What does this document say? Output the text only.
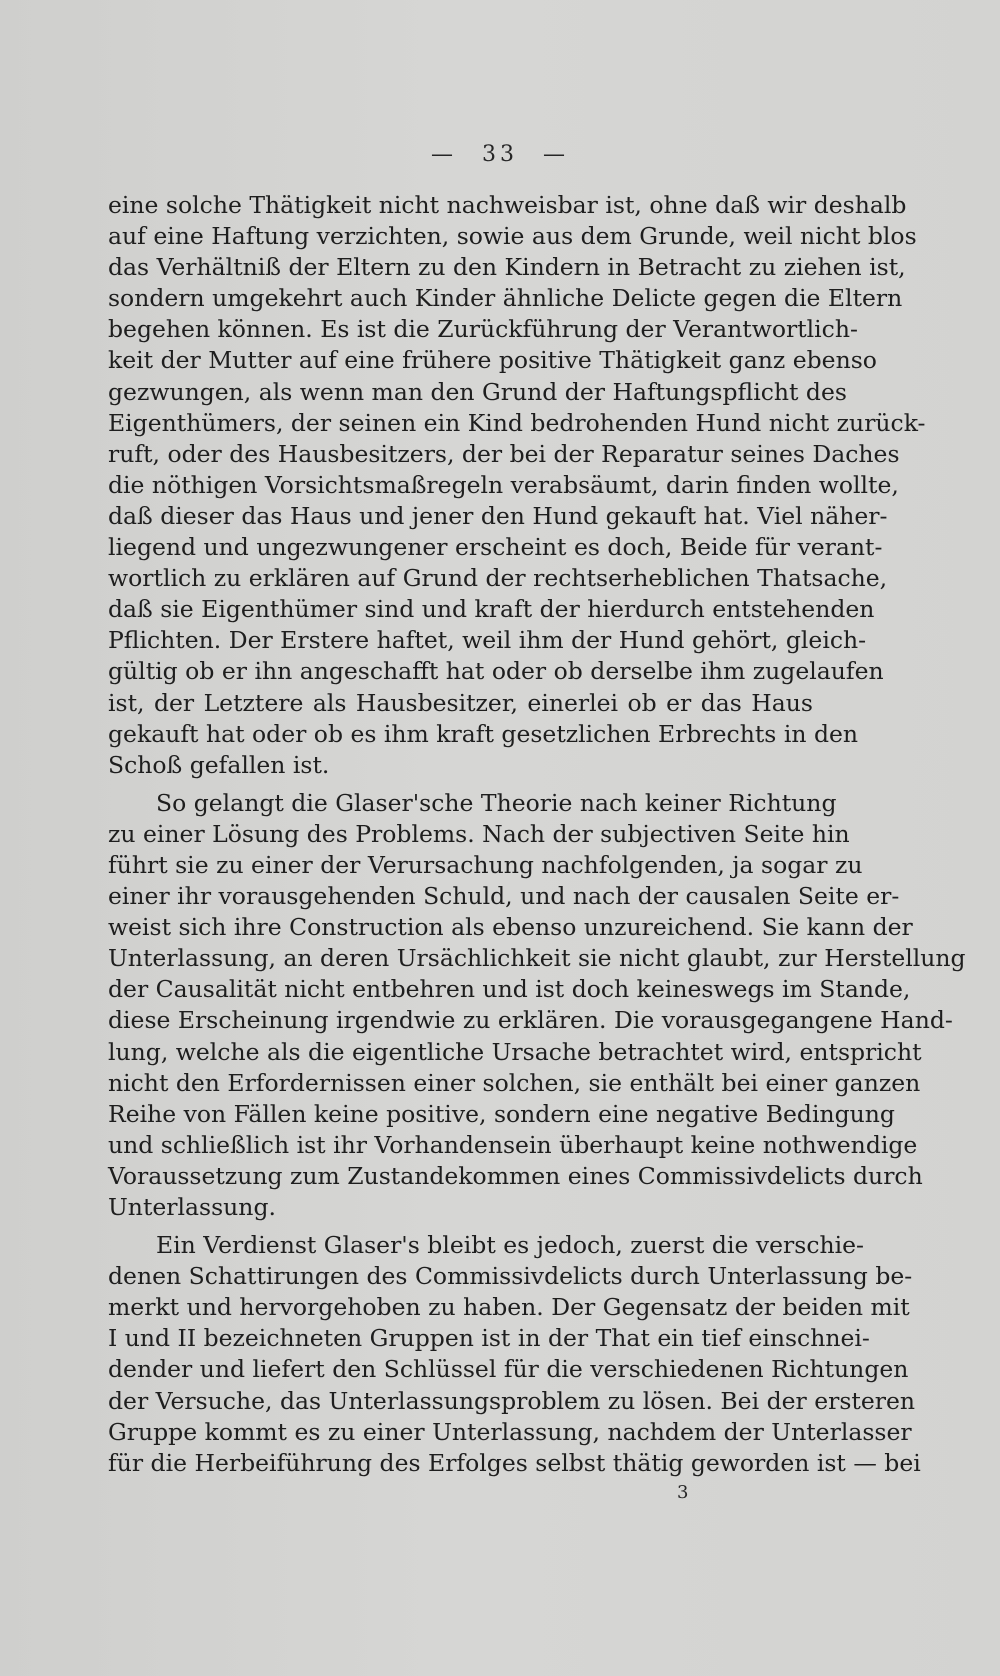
— 33 —
eine solche Thätigkeit nicht nachweisbar ist, ohne daß wir deshalb
auf eine Haftung verzichten, sowie aus dem Grunde, weil nicht blos
das Verhältniß der Eltern zu den Kindern in Betracht zu ziehen ist,
sondern umgekehrt auch Kinder ähnliche Delicte gegen die Eltern
begehen können. Es ist die Zurückführung der Verantwortlich-
keit der Mutter auf eine frühere positive Thätigkeit ganz ebenso
gezwungen, als wenn man den Grund der Haftungspflicht des
Eigenthümers, der seinen ein Kind bedrohenden Hund nicht zurück-
ruft, oder des Hausbesitzers, der bei der Reparatur seines Daches
die nöthigen Vorsichtsmaßregeln verabsäumt, darin finden wollte,
daß dieser das Haus und jener den Hund gekauft hat. Viel näher-
liegend und ungezwungener erscheint es doch, Beide für verant-
wortlich zu erklären auf Grund der rechtserheblichen Thatsache,
daß sie Eigenthümer sind und kraft der hierdurch entstehenden
Pflichten. Der Erstere haftet, weil ihm der Hund gehört, gleich-
gültig ob er ihn angeschafft hat oder ob derselbe ihm zugelaufen
ist, der Letztere als Hausbesitzer, einerlei ob er das Haus
gekauft hat oder ob es ihm kraft gesetzlichen Erbrechts in den
Schoß gefallen ist.
So gelangt die Glaser'sche Theorie nach keiner Richtung
zu einer Lösung des Problems. Nach der subjectiven Seite hin
führt sie zu einer der Verursachung nachfolgenden, ja sogar zu
einer ihr vorausgehenden Schuld, und nach der causalen Seite er-
weist sich ihre Construction als ebenso unzureichend. Sie kann der
Unterlassung, an deren Ursächlichkeit sie nicht glaubt, zur Herstellung
der Causalität nicht entbehren und ist doch keineswegs im Stande,
diese Erscheinung irgendwie zu erklären. Die vorausgegangene Hand-
lung, welche als die eigentliche Ursache betrachtet wird, entspricht
nicht den Erfordernissen einer solchen, sie enthält bei einer ganzen
Reihe von Fällen keine positive, sondern eine negative Bedingung
und schließlich ist ihr Vorhandensein überhaupt keine nothwendige
Voraussetzung zum Zustandekommen eines Commissivdelicts durch
Unterlassung.
Ein Verdienst Glaser's bleibt es jedoch, zuerst die verschie-
denen Schattirungen des Commissivdelicts durch Unterlassung be-
merkt und hervorgehoben zu haben. Der Gegensatz der beiden mit
I und II bezeichneten Gruppen ist in der That ein tief einschnei-
dender und liefert den Schlüssel für die verschiedenen Richtungen
der Versuche, das Unterlassungsproblem zu lösen. Bei der ersteren
Gruppe kommt es zu einer Unterlassung, nachdem der Unterlasser
für die Herbeiführung des Erfolges selbst thätig geworden ist — bei
3
